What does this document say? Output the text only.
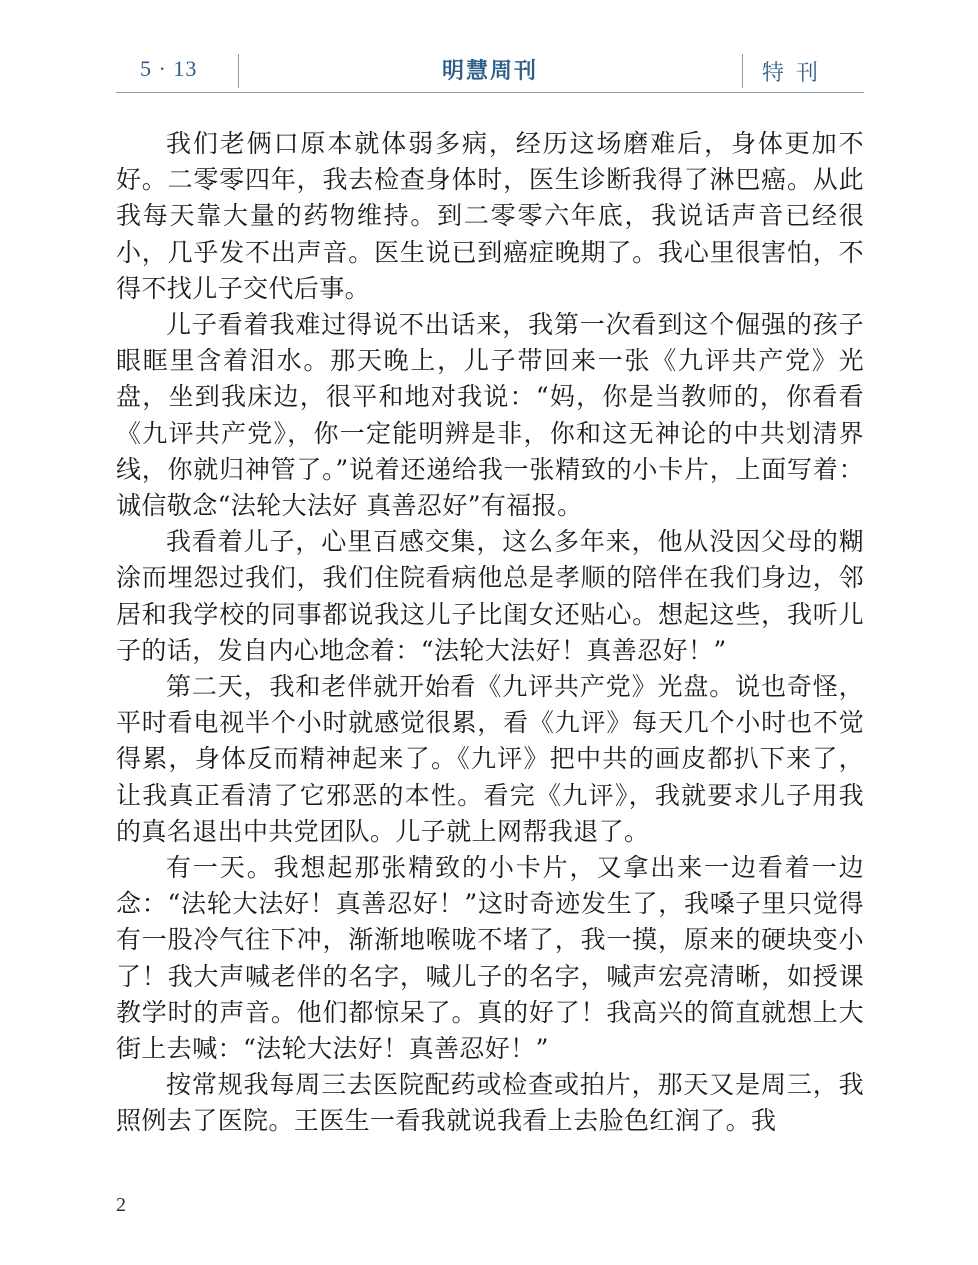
5 · 13	明慧周刊	特刊

我们老俩口原本就体弱多病，经历这场磨难后，身体更加不好。二零零四年，我去检查身体时，医生诊断我得了淋巴癌。从此我每天靠大量的药物维持。到二零零六年底，我说话声音已经很小，几乎发不出声音。医生说已到癌症晚期了。我心里很害怕，不得不找儿子交代后事。

儿子看着我难过得说不出话来，我第一次看到这个倔强的孩子眼眶里含着泪水。那天晚上，儿子带回来一张《九评共产党》光盘，坐到我床边，很平和地对我说：“妈，你是当教师的，你看看《九评共产党》，你一定能明辨是非，你和这无神论的中共划清界线，你就归神管了。”说着还递给我一张精致的小卡片，上面写着：诚信敬念“法轮大法好 真善忍好”有福报。

我看着儿子，心里百感交集，这么多年来，他从没因父母的糊涂而埋怨过我们，我们住院看病他总是孝顺的陪伴在我们身边，邻居和我学校的同事都说我这儿子比闺女还贴心。想起这些，我听儿子的话，发自内心地念着：“法轮大法好！真善忍好！”

第二天，我和老伴就开始看《九评共产党》光盘。说也奇怪，平时看电视半个小时就感觉很累，看《九评》每天几个小时也不觉得累，身体反而精神起来了。《九评》把中共的画皮都扒下来了，让我真正看清了它邪恶的本性。看完《九评》，我就要求儿子用我的真名退出中共党团队。儿子就上网帮我退了。

有一天。我想起那张精致的小卡片，又拿出来一边看着一边念：“法轮大法好！真善忍好！”这时奇迹发生了，我嗓子里只觉得有一股冷气往下冲，渐渐地喉咙不堵了，我一摸，原来的硬块变小了！我大声喊老伴的名字，喊儿子的名字，喊声宏亮清晰，如授课教学时的声音。他们都惊呆了。真的好了！我高兴的简直就想上大街上去喊：“法轮大法好！真善忍好！”

按常规我每周三去医院配药或检查或拍片，那天又是周三，我照例去了医院。王医生一看我就说我看上去脸色红润了。我

2
